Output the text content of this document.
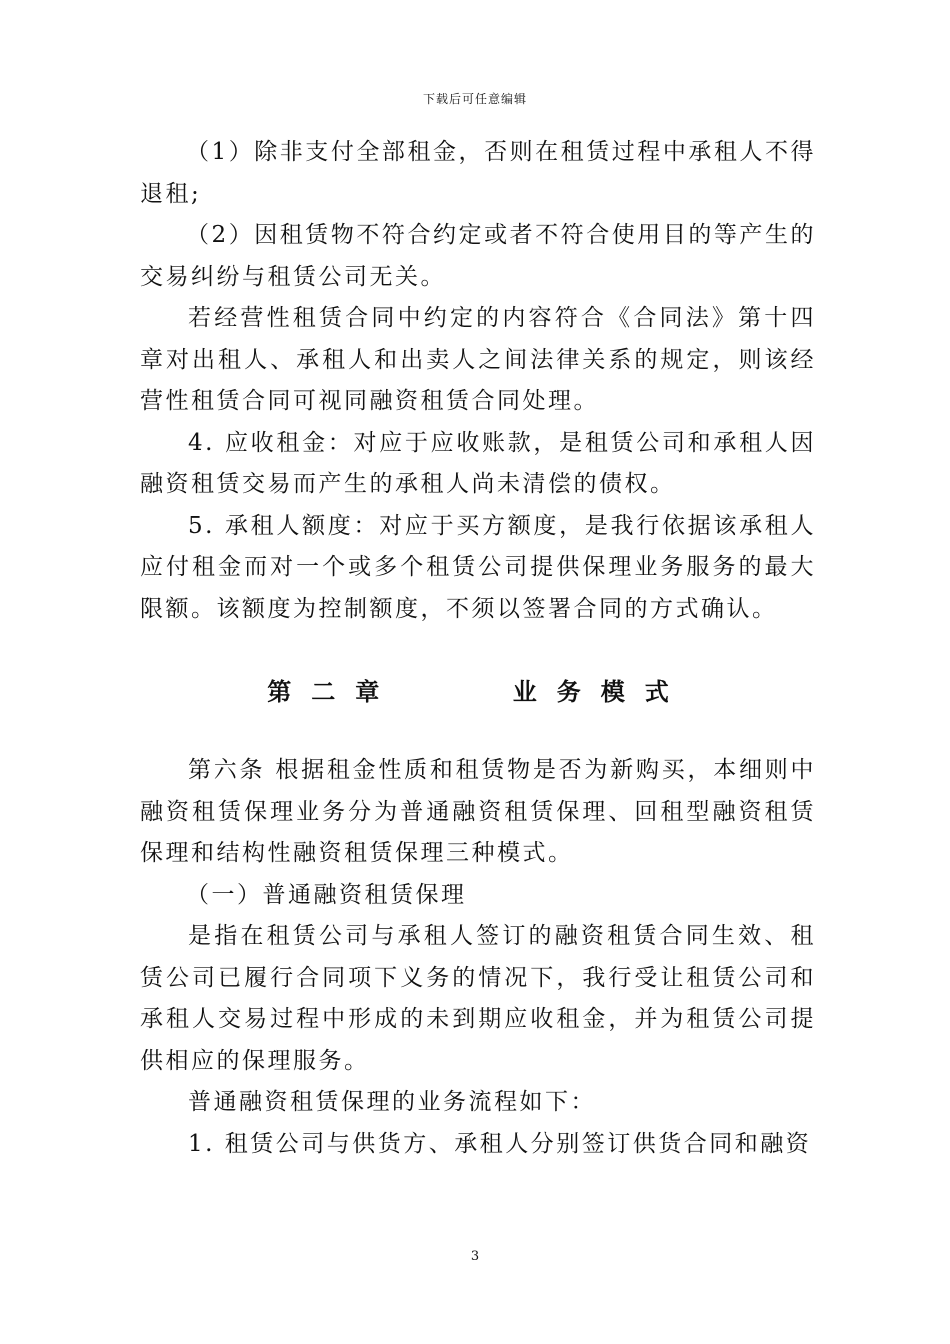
下载后可任意编辑

（1）除非支付全部租金，否则在租赁过程中承租人不得退租;

（2）因租赁物不符合约定或者不符合使用目的等产生的交易纠纷与租赁公司无关。

若经营性租赁合同中约定的内容符合《合同法》第十四章对出租人、承租人和出卖人之间法律关系的规定，则该经营性租赁合同可视同融资租赁合同处理。

4. 应收租金：对应于应收账款，是租赁公司和承租人因融资租赁交易而产生的承租人尚未清偿的债权。

5. 承租人额度：对应于买方额度，是我行依据该承租人应付租金而对一个或多个租赁公司提供保理业务服务的最大限额。该额度为控制额度，不须以签署合同的方式确认。

第二章    业务模式

第六条 根据租金性质和租赁物是否为新购买，本细则中融资租赁保理业务分为普通融资租赁保理、回租型融资租赁保理和结构性融资租赁保理三种模式。

（一）普通融资租赁保理

是指在租赁公司与承租人签订的融资租赁合同生效、租赁公司已履行合同项下义务的情况下，我行受让租赁公司和承租人交易过程中形成的未到期应收租金，并为租赁公司提供相应的保理服务。

普通融资租赁保理的业务流程如下：

1. 租赁公司与供货方、承租人分别签订供货合同和融资

3
